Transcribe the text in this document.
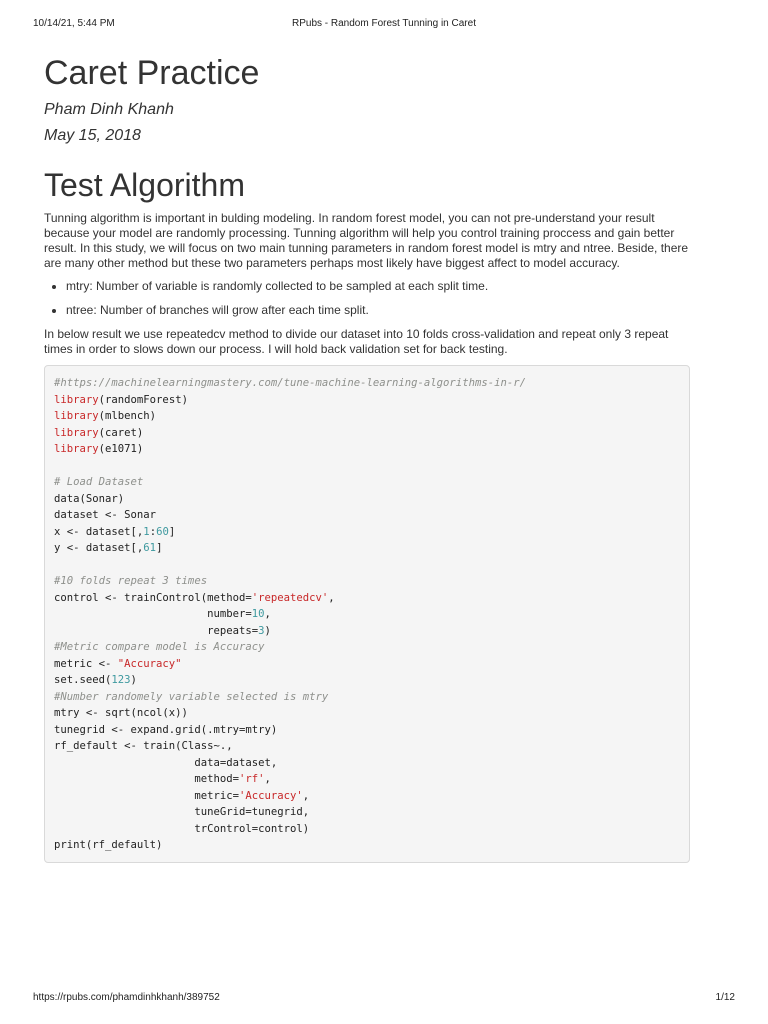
10/14/21, 5:44 PM	RPubs - Random Forest Tunning in Caret
Caret Practice
Pham Dinh Khanh
May 15, 2018
Test Algorithm

Tunning algorithm is important in bulding modeling. In random forest model, you can not pre-understand your result because your model are randomly processing. Tunning algorithm will help you control training proccess and gain better result. In this study, we will focus on two main tunning parameters in random forest model is mtry and ntree. Beside, there are many other method but these two parameters perhaps most likely have biggest affect to model accuracy.

• mtry: Number of variable is randomly collected to be sampled at each split time.
• ntree: Number of branches will grow after each time split.

In below result we use repeatedcv method to divide our dataset into 10 folds cross-validation and repeat only 3 repeat times in order to slows down our process. I will hold back validation set for back testing.

#https://machinelearningmastery.com/tune-machine-learning-algorithms-in-r/
library(randomForest)
library(mlbench)
library(caret)
library(e1071)
# Load Dataset
data(Sonar)
dataset <- Sonar
x <- dataset[,1:60]
y <- dataset[,61]
#10 folds repeat 3 times
control <- trainControl(method='repeatedcv',
number=10,
repeats=3)
#Metric compare model is Accuracy
metric <- "Accuracy"
set.seed(123)
#Number randomely variable selected is mtry
mtry <- sqrt(ncol(x))
tunegrid <- expand.grid(.mtry=mtry)
rf_default <- train(Class~.,
data=dataset,
method='rf',
metric='Accuracy',
tuneGrid=tunegrid,
trControl=control)
print(rf_default)
https://rpubs.com/phamdinhkhanh/389752	1/12
